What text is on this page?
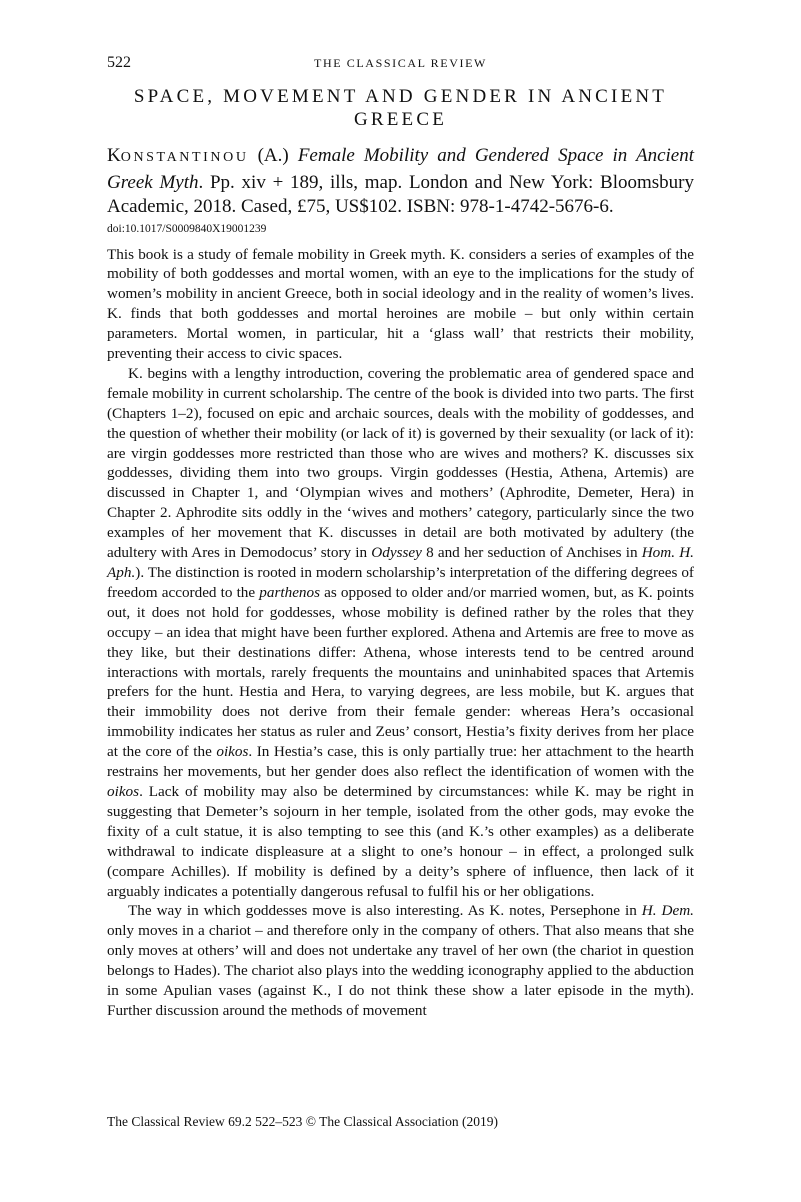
522	THE CLASSICAL REVIEW
SPACE, MOVEMENT AND GENDER IN ANCIENT GREECE
KONSTANTINOU (A.) Female Mobility and Gendered Space in Ancient Greek Myth. Pp. xiv + 189, ills, map. London and New York: Bloomsbury Academic, 2018. Cased, £75, US$102. ISBN: 978-1-4742-5676-6.
doi:10.1017/S0009840X19001239

This book is a study of female mobility in Greek myth. K. considers a series of examples of the mobility of both goddesses and mortal women, with an eye to the implications for the study of women’s mobility in ancient Greece, both in social ideology and in the reality of women’s lives. K. finds that both goddesses and mortal heroines are mobile – but only within certain parameters. Mortal women, in particular, hit a ‘glass wall’ that restricts their mobility, preventing their access to civic spaces.

K. begins with a lengthy introduction, covering the problematic area of gendered space and female mobility in current scholarship. The centre of the book is divided into two parts. The first (Chapters 1–2), focused on epic and archaic sources, deals with the mobility of goddesses, and the question of whether their mobility (or lack of it) is governed by their sexuality (or lack of it): are virgin goddesses more restricted than those who are wives and mothers? K. discusses six goddesses, dividing them into two groups. Virgin goddesses (Hestia, Athena, Artemis) are discussed in Chapter 1, and ‘Olympian wives and mothers’ (Aphrodite, Demeter, Hera) in Chapter 2. Aphrodite sits oddly in the ‘wives and mothers’ category, particularly since the two examples of her movement that K. discusses in detail are both motivated by adultery (the adultery with Ares in Demodocus’ story in Odyssey 8 and her seduction of Anchises in Hom. H. Aph.). The distinction is rooted in modern scholarship’s interpretation of the differing degrees of freedom accorded to the parthenos as opposed to older and/or married women, but, as K. points out, it does not hold for goddesses, whose mobility is defined rather by the roles that they occupy – an idea that might have been further explored. Athena and Artemis are free to move as they like, but their destinations differ: Athena, whose interests tend to be centred around interactions with mortals, rarely frequents the mountains and uninhabited spaces that Artemis prefers for the hunt. Hestia and Hera, to varying degrees, are less mobile, but K. argues that their immobility does not derive from their female gender: whereas Hera’s occasional immobility indicates her status as ruler and Zeus’ consort, Hestia’s fixity derives from her place at the core of the oikos. In Hestia’s case, this is only partially true: her attachment to the hearth restrains her movements, but her gender does also reflect the identification of women with the oikos. Lack of mobility may also be determined by circumstances: while K. may be right in suggesting that Demeter’s sojourn in her temple, isolated from the other gods, may evoke the fixity of a cult statue, it is also tempting to see this (and K.’s other examples) as a deliberate withdrawal to indicate displeasure at a slight to one’s honour – in effect, a prolonged sulk (compare Achilles). If mobility is defined by a deity’s sphere of influence, then lack of it arguably indicates a potentially dangerous refusal to fulfil his or her obligations.

The way in which goddesses move is also interesting. As K. notes, Persephone in H. Dem. only moves in a chariot – and therefore only in the company of others. That also means that she only moves at others’ will and does not undertake any travel of her own (the chariot in question belongs to Hades). The chariot also plays into the wedding iconography applied to the abduction in some Apulian vases (against K., I do not think these show a later episode in the myth). Further discussion around the methods of movement

The Classical Review 69.2 522–523 © The Classical Association (2019)
